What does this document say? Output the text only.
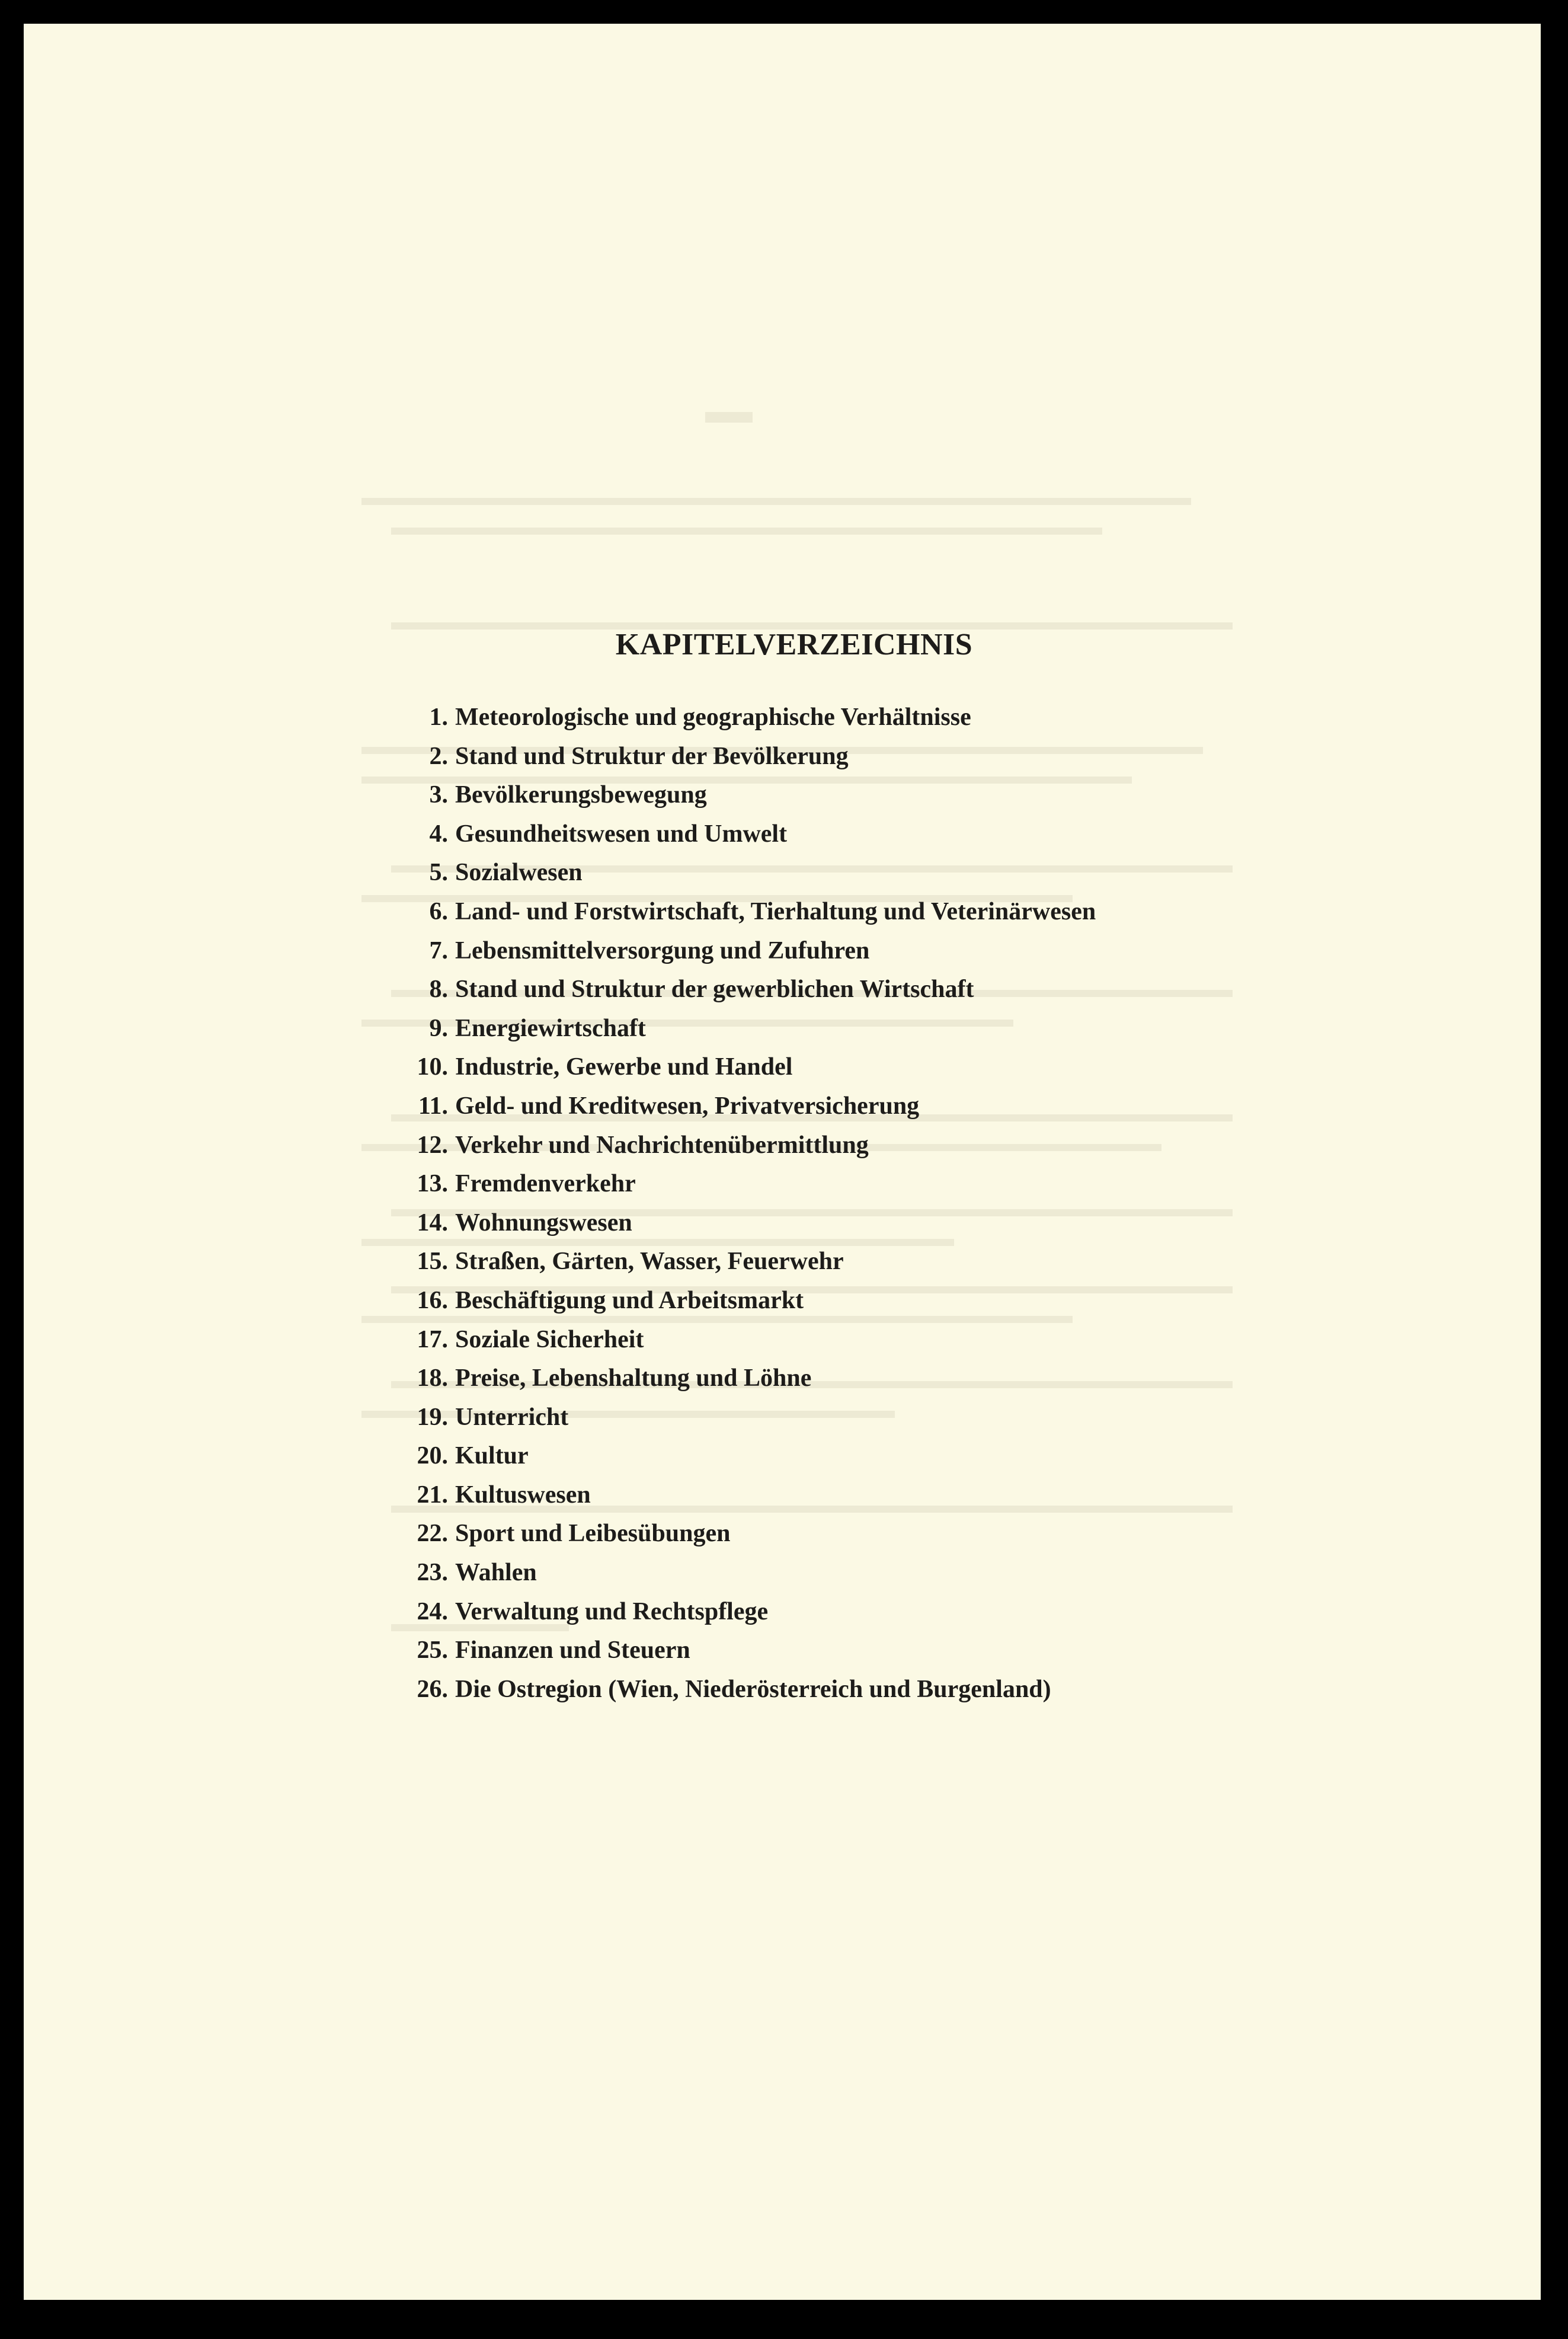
KAPITELVERZEICHNIS
1. Meteorologische und geographische Verhältnisse
2. Stand und Struktur der Bevölkerung
3. Bevölkerungsbewegung
4. Gesundheitswesen und Umwelt
5. Sozialwesen
6. Land- und Forstwirtschaft, Tierhaltung und Veterinärwesen
7. Lebensmittelversorgung und Zufuhren
8. Stand und Struktur der gewerblichen Wirtschaft
9. Energiewirtschaft
10. Industrie, Gewerbe und Handel
11. Geld- und Kreditwesen, Privatversicherung
12. Verkehr und Nachrichtenübermittlung
13. Fremdenverkehr
14. Wohnungswesen
15. Straßen, Gärten, Wasser, Feuerwehr
16. Beschäftigung und Arbeitsmarkt
17. Soziale Sicherheit
18. Preise, Lebenshaltung und Löhne
19. Unterricht
20. Kultur
21. Kultuswesen
22. Sport und Leibesübungen
23. Wahlen
24. Verwaltung und Rechtspflege
25. Finanzen und Steuern
26. Die Ostregion (Wien, Niederösterreich und Burgenland)
